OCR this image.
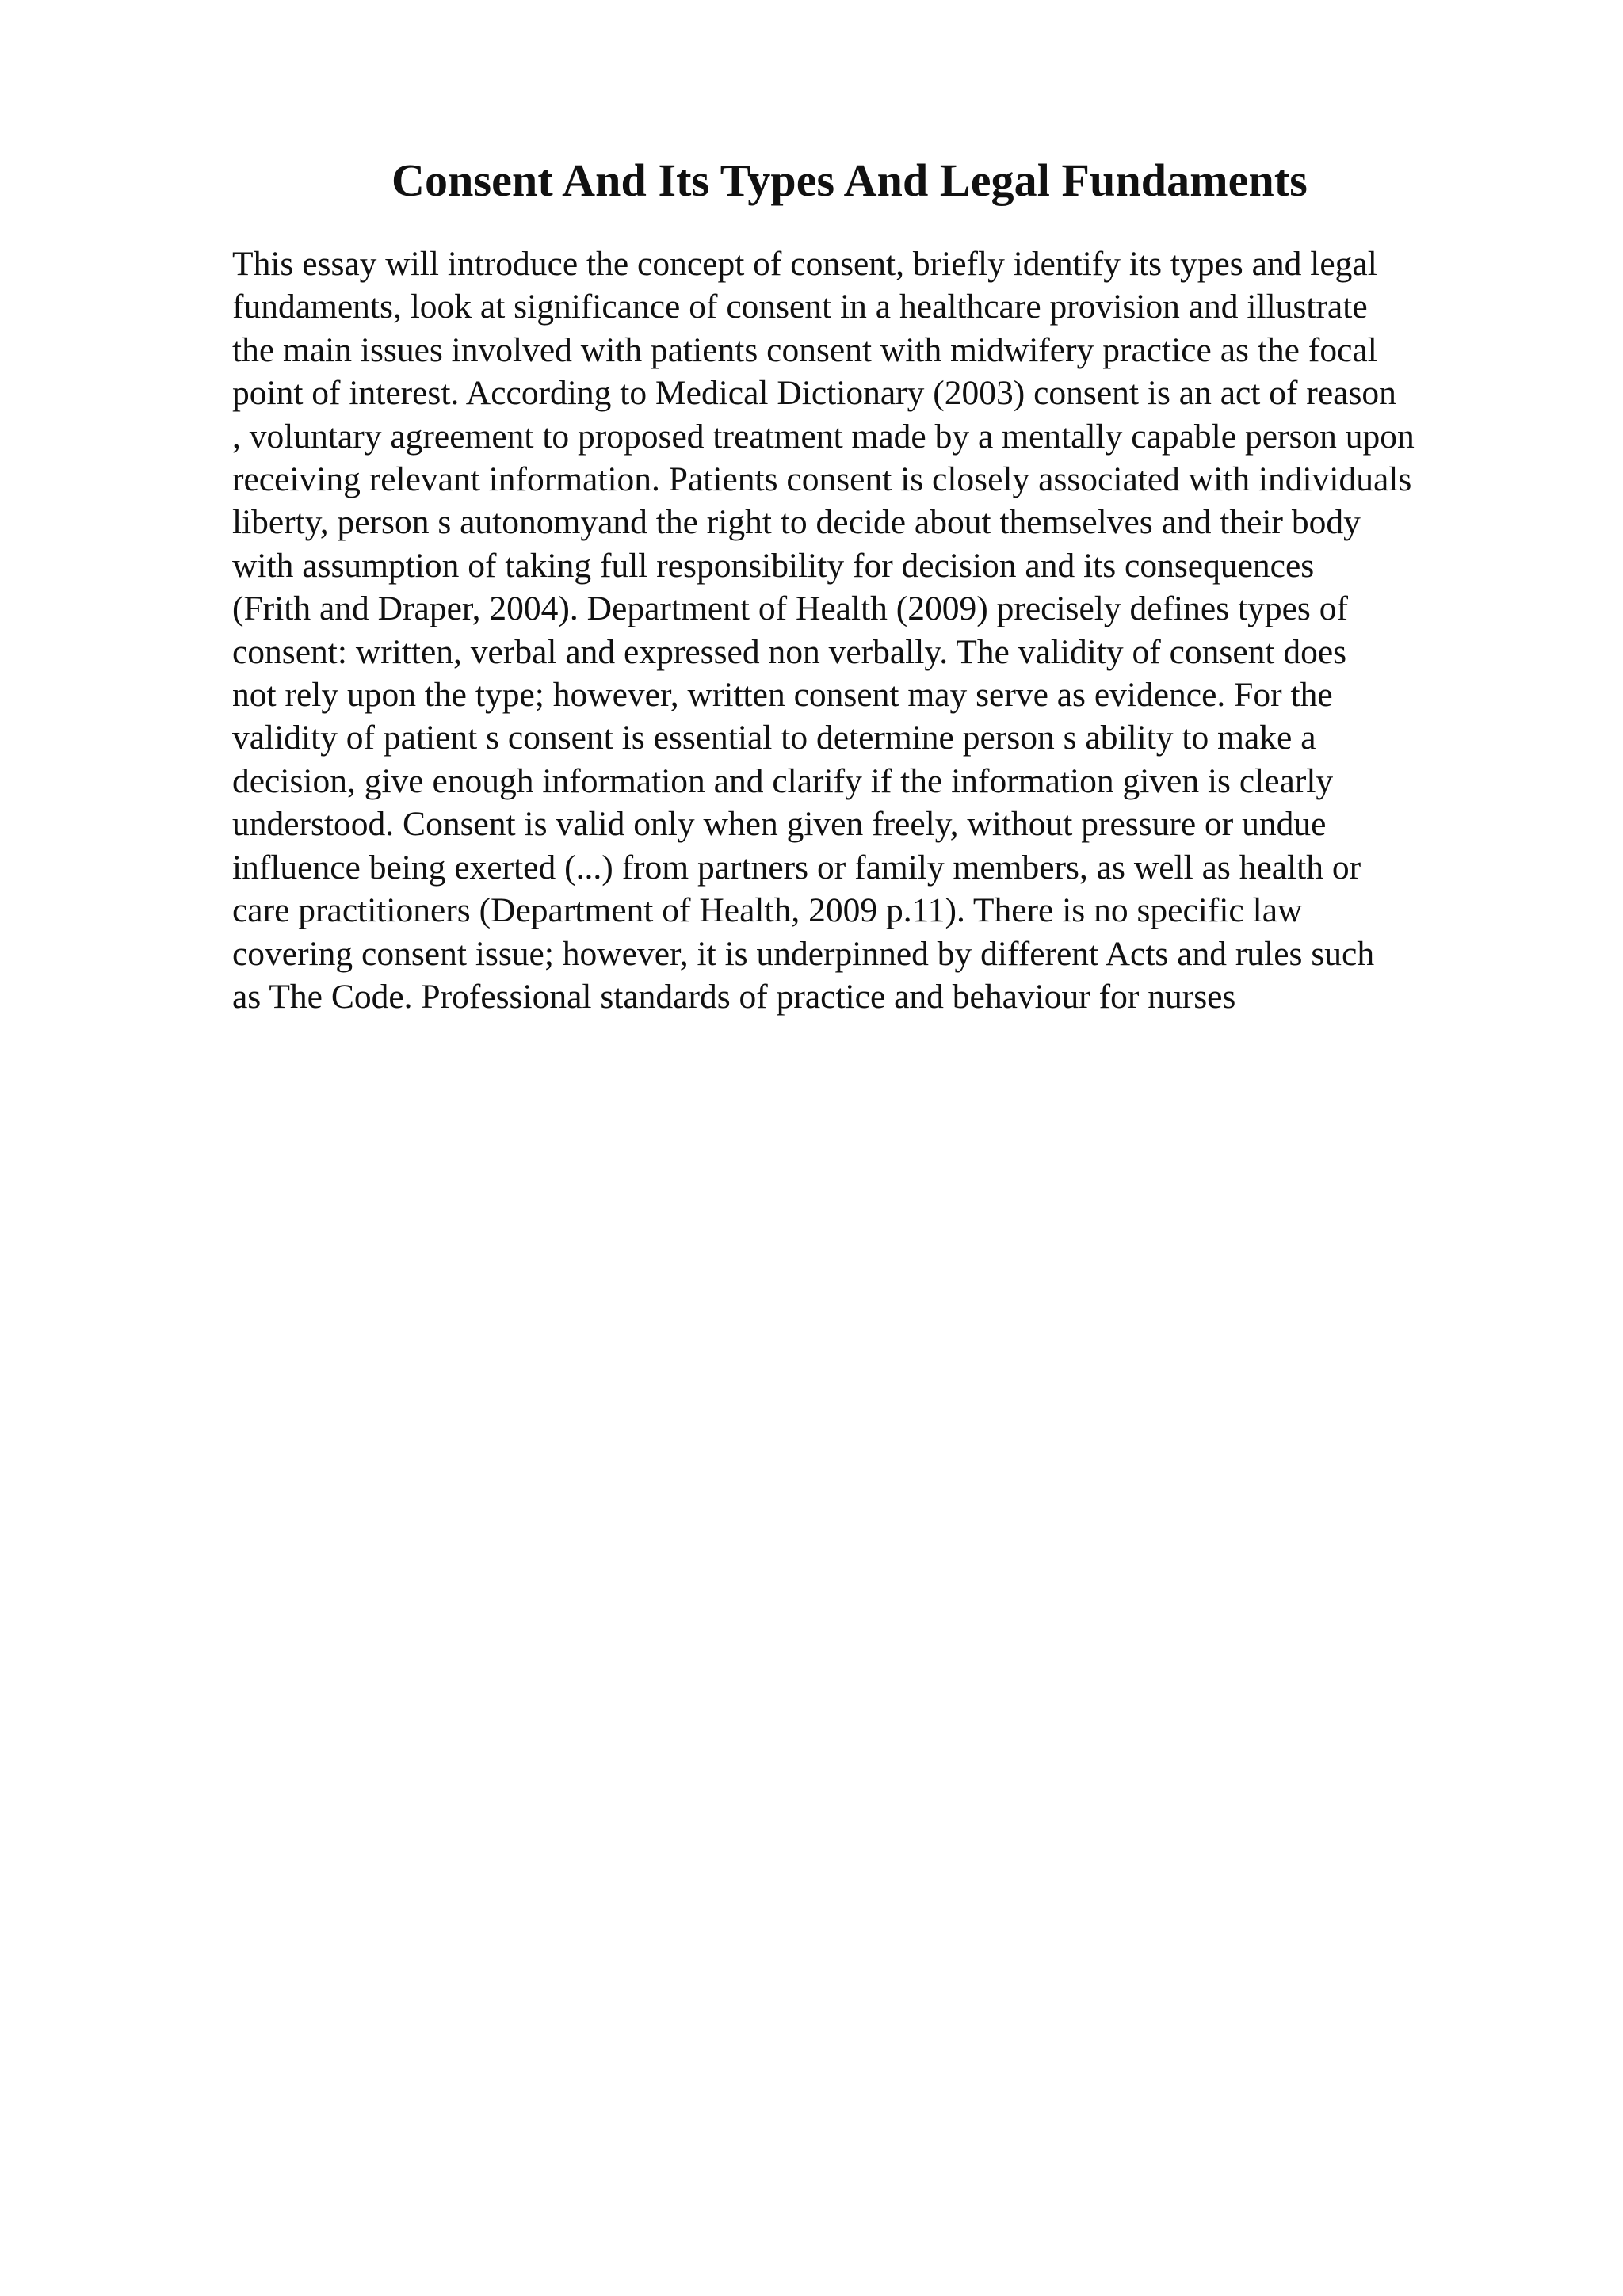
Consent And Its Types And Legal Fundaments
This essay will introduce the concept of consent, briefly identify its types and legal
fundaments, look at significance of consent in a healthcare provision and illustrate
the main issues involved with patients consent with midwifery practice as the focal
point of interest. According to Medical Dictionary (2003) consent is an act of reason
, voluntary agreement to proposed treatment made by a mentally capable person upon
receiving relevant information. Patients consent is closely associated with individuals
liberty, person s autonomyand the right to decide about themselves and their body
with assumption of taking full responsibility for decision and its consequences
(Frith and Draper, 2004). Department of Health (2009) precisely defines types of
consent: written, verbal and expressed non verbally. The validity of consent does
not rely upon the type; however, written consent may serve as evidence. For the
validity of patient s consent is essential to determine person s ability to make a
decision, give enough information and clarify if the information given is clearly
understood. Consent is valid only when given freely, without pressure or undue
influence being exerted (...) from partners or family members, as well as health or
care practitioners (Department of Health, 2009 p.11). There is no specific law
covering consent issue; however, it is underpinned by different Acts and rules such
as The Code. Professional standards of practice and behaviour for nurses
